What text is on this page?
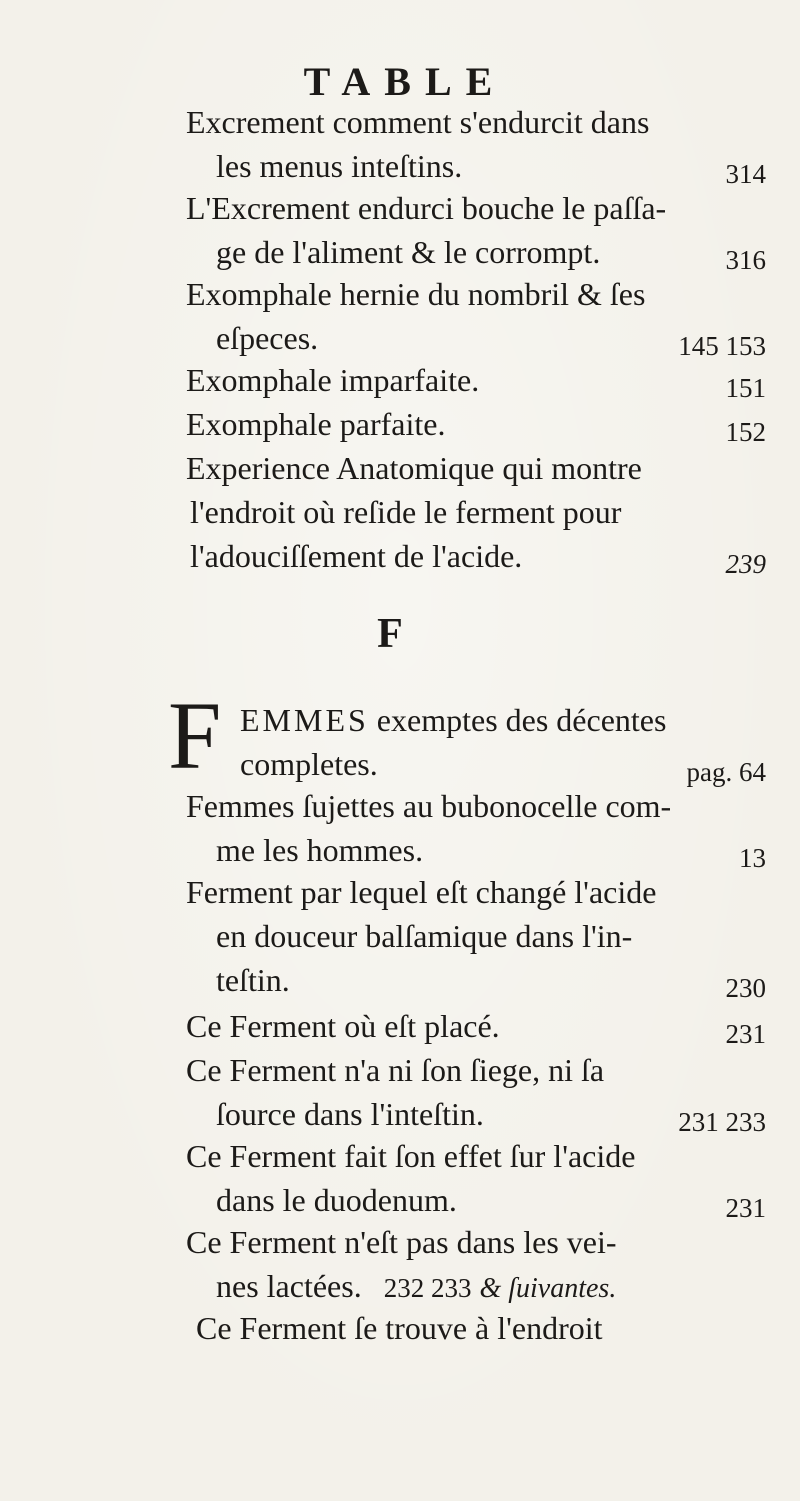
TABLE
Excrement comment s'endurcit dans
les menus inteſtins.	314
L'Excrement endurci bouche le paſſa-
ge de l'aliment & le corrompt.	316
Exomphale hernie du nombril & ſes
eſpeces.	145 153
Exomphale imparfaite.	151
Exomphale parfaite.	152
Experience Anatomique qui montre
l'endroit où reſide le ferment pour
l'adouciſſement de l'acide.	239
F
F EMMES exemptes des décentes
completes.	pag. 64
Femmes ſujettes au bubonocelle com-
me les hommes.	13
Ferment par lequel eſt changé l'acide
en douceur balſamique dans l'in-
teſtin.	230
Ce Ferment où eſt placé.	231
Ce Ferment n'a ni ſon ſiege, ni ſa
ſource dans l'inteſtin.	231 233
Ce Ferment fait ſon effet ſur l'acide
dans le duodenum.	231
Ce Ferment n'eſt pas dans les vei-
nes lactées. 232 233 & ſuivantes.
Ce Ferment ſe trouve à l'endroit
